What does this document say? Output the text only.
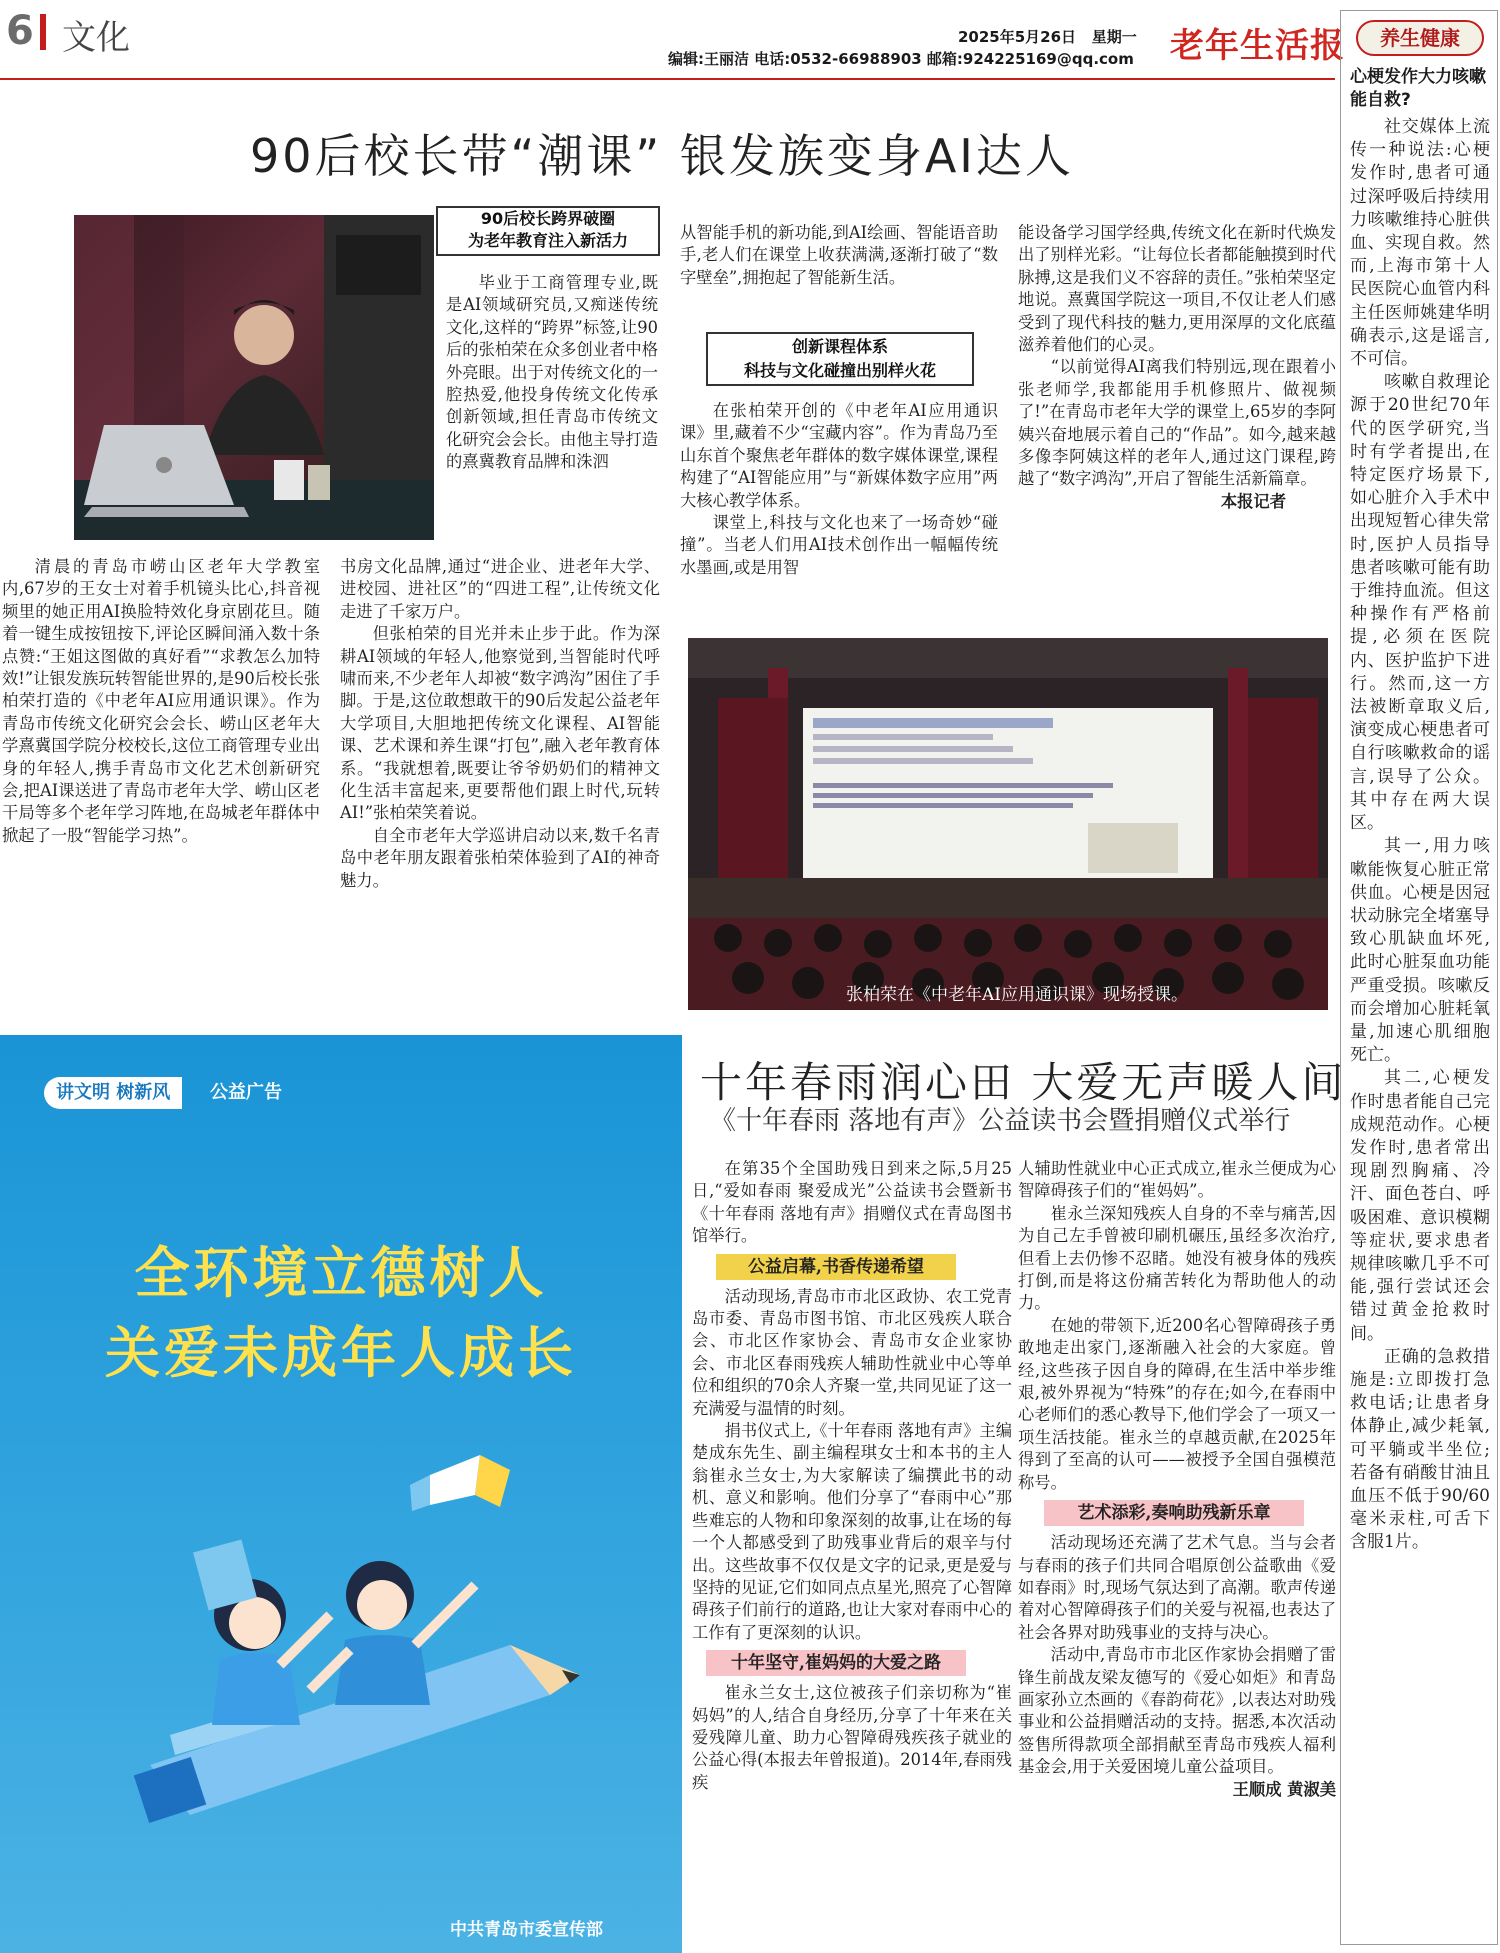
6 文化	2025年5月26日 星期一
编辑:王丽洁 电话:0532-66988903 邮箱:924225169@qq.com 老年生活报
90后校长带“潮课” 银发族变身AI达人
90后校长跨界破圈
为老年教育注入新活力

毕业于工商管理专业,既是AI领域研究员,又痴迷传统文化,这样的“跨界”标签,让90后的张柏荣在众多创业者中格外亮眼。出于对传统文化的一腔热爱,他投身传统文化传承创新领域,担任青岛市传统文化研究会会长。由他主导打造的熹冀教育品牌和洙泗

清晨的青岛市崂山区老年大学教室内,67岁的王女士对着手机镜头比心,抖音视频里的她正用AI换脸特效化身京剧花旦。随着一键生成按钮按下,评论区瞬间涌入数十条点赞:“王姐这图做的真好看”“求教怎么加特效!”让银发族玩转智能世界的,是90后校长张柏荣打造的《中老年AI应用通识课》。作为青岛市传统文化研究会会长、崂山区老年大学熹冀国学院分校校长,这位工商管理专业出身的年轻人,携手青岛市文化艺术创新研究会,把AI课送进了青岛市老年大学、崂山区老干局等多个老年学习阵地,在岛城老年群体中掀起了一股“智能学习热”。

书房文化品牌,通过“进企业、进老年大学、进校园、进社区”的“四进工程”,让传统文化走进了千家万户。

但张柏荣的目光并未止步于此。作为深耕AI领域的年轻人,他察觉到,当智能时代呼啸而来,不少老年人却被“数字鸿沟”困住了手脚。于是,这位敢想敢干的90后发起公益老年大学项目,大胆地把传统文化课程、AI智能课、艺术课和养生课“打包”,融入老年教育体系。“我就想着,既要让爷爷奶奶们的精神文化生活丰富起来,更要帮他们跟上时代,玩转AI!”张柏荣笑着说。

自全市老年大学巡讲启动以来,数千名青岛中老年朋友跟着张柏荣体验到了AI的神奇魅力。

从智能手机的新功能,到AI绘画、智能语音助手,老人们在课堂上收获满满,逐渐打破了“数字壁垒”,拥抱起了智能新生活。

创新课程体系
科技与文化碰撞出别样火花

在张柏荣开创的《中老年AI应用通识课》里,藏着不少“宝藏内容”。作为青岛乃至山东首个聚焦老年群体的数字媒体课堂,课程构建了“AI智能应用”与“新媒体数字应用”两大核心教学体系。

课堂上,科技与文化也来了一场奇妙“碰撞”。当老人们用AI技术创作出一幅幅传统水墨画,或是用智

能设备学习国学经典,传统文化在新时代焕发出了别样光彩。“让每位长者都能触摸到时代脉搏,这是我们义不容辞的责任。”张柏荣坚定地说。熹冀国学院这一项目,不仅让老人们感受到了现代科技的魅力,更用深厚的文化底蕴滋养着他们的心灵。

“以前觉得AI离我们特别远,现在跟着小张老师学,我都能用手机修照片、做视频了!”在青岛市老年大学的课堂上,65岁的李阿姨兴奋地展示着自己的“作品”。如今,越来越多像李阿姨这样的老年人,通过这门课程,跨越了“数字鸿沟”,开启了智能生活新篇章。

本报记者
张柏荣在《中老年AI应用通识课》现场授课。
讲文明 树新风	公益广告
全环境立德树人
关爱未成年人成长
中共青岛市委宣传部
十年春雨润心田 大爱无声暖人间
《十年春雨 落地有声》公益读书会暨捐赠仪式举行

在第35个全国助残日到来之际,5月25日,“爱如春雨 聚爱成光”公益读书会暨新书《十年春雨 落地有声》捐赠仪式在青岛图书馆举行。

公益启幕,书香传递希望

活动现场,青岛市市北区政协、农工党青岛市委、青岛市图书馆、市北区残疾人联合会、市北区作家协会、青岛市女企业家协会、市北区春雨残疾人辅助性就业中心等单位和组织的70余人齐聚一堂,共同见证了这一充满爱与温情的时刻。

捐书仪式上,《十年春雨 落地有声》主编楚成东先生、副主编程琪女士和本书的主人翁崔永兰女士,为大家解读了编撰此书的动机、意义和影响。他们分享了“春雨中心”那些难忘的人物和印象深刻的故事,让在场的每一个人都感受到了助残事业背后的艰辛与付出。这些故事不仅仅是文字的记录,更是爱与坚持的见证,它们如同点点星光,照亮了心智障碍孩子们前行的道路,也让大家对春雨中心的工作有了更深刻的认识。

十年坚守,崔妈妈的大爱之路

崔永兰女士,这位被孩子们亲切称为“崔妈妈”的人,结合自身经历,分享了十年来在关爱残障儿童、助力心智障碍残疾孩子就业的公益心得(本报去年曾报道)。2014年,春雨残疾

人辅助性就业中心正式成立,崔永兰便成为心智障碍孩子们的“崔妈妈”。

崔永兰深知残疾人自身的不幸与痛苦,因为自己左手曾被印刷机碾压,虽经多次治疗,但看上去仍惨不忍睹。她没有被身体的残疾打倒,而是将这份痛苦转化为帮助他人的动力。

在她的带领下,近200名心智障碍孩子勇敢地走出家门,逐渐融入社会的大家庭。曾经,这些孩子因自身的障碍,在生活中举步维艰,被外界视为“特殊”的存在;如今,在春雨中心老师们的悉心教导下,他们学会了一项又一项生活技能。崔永兰的卓越贡献,在2025年得到了至高的认可——被授予全国自强模范称号。

艺术添彩,奏响助残新乐章

活动现场还充满了艺术气息。当与会者与春雨的孩子们共同合唱原创公益歌曲《爱如春雨》时,现场气氛达到了高潮。歌声传递着对心智障碍孩子们的关爱与祝福,也表达了社会各界对助残事业的支持与决心。

活动中,青岛市市北区作家协会捐赠了雷锋生前战友梁友德写的《爱心如炬》和青岛画家孙立杰画的《春韵荷花》,以表达对助残事业和公益捐赠活动的支持。据悉,本次活动签售所得款项全部捐献至青岛市残疾人福利基金会,用于关爱困境儿童公益项目。

王顺成 黄淑美
养生健康
心梗发作大力咳嗽能自救?

社交媒体上流传一种说法:心梗发作时,患者可通过深呼吸后持续用力咳嗽维持心脏供血、实现自救。然而,上海市第十人民医院心血管内科主任医师姚建华明确表示,这是谣言,不可信。

咳嗽自救理论源于20世纪70年代的医学研究,当时有学者提出,在特定医疗场景下,如心脏介入手术中出现短暂心律失常时,医护人员指导患者咳嗽可能有助于维持血流。但这种操作有严格前提,必须在医院内、医护监护下进行。然而,这一方法被断章取义后,演变成心梗患者可自行咳嗽救命的谣言,误导了公众。其中存在两大误区。

其一,用力咳嗽能恢复心脏正常供血。心梗是因冠状动脉完全堵塞导致心肌缺血坏死,此时心脏泵血功能严重受损。咳嗽反而会增加心脏耗氧量,加速心肌细胞死亡。

其二,心梗发作时患者能自己完成规范动作。心梗发作时,患者常出现剧烈胸痛、冷汗、面色苍白、呼吸困难、意识模糊等症状,要求患者规律咳嗽几乎不可能,强行尝试还会错过黄金抢救时间。

正确的急救措施是:立即拨打急救电话;让患者身体静止,减少耗氧,可平躺或半坐位;若备有硝酸甘油且血压不低于90/60毫米汞柱,可舌下含服1片。
